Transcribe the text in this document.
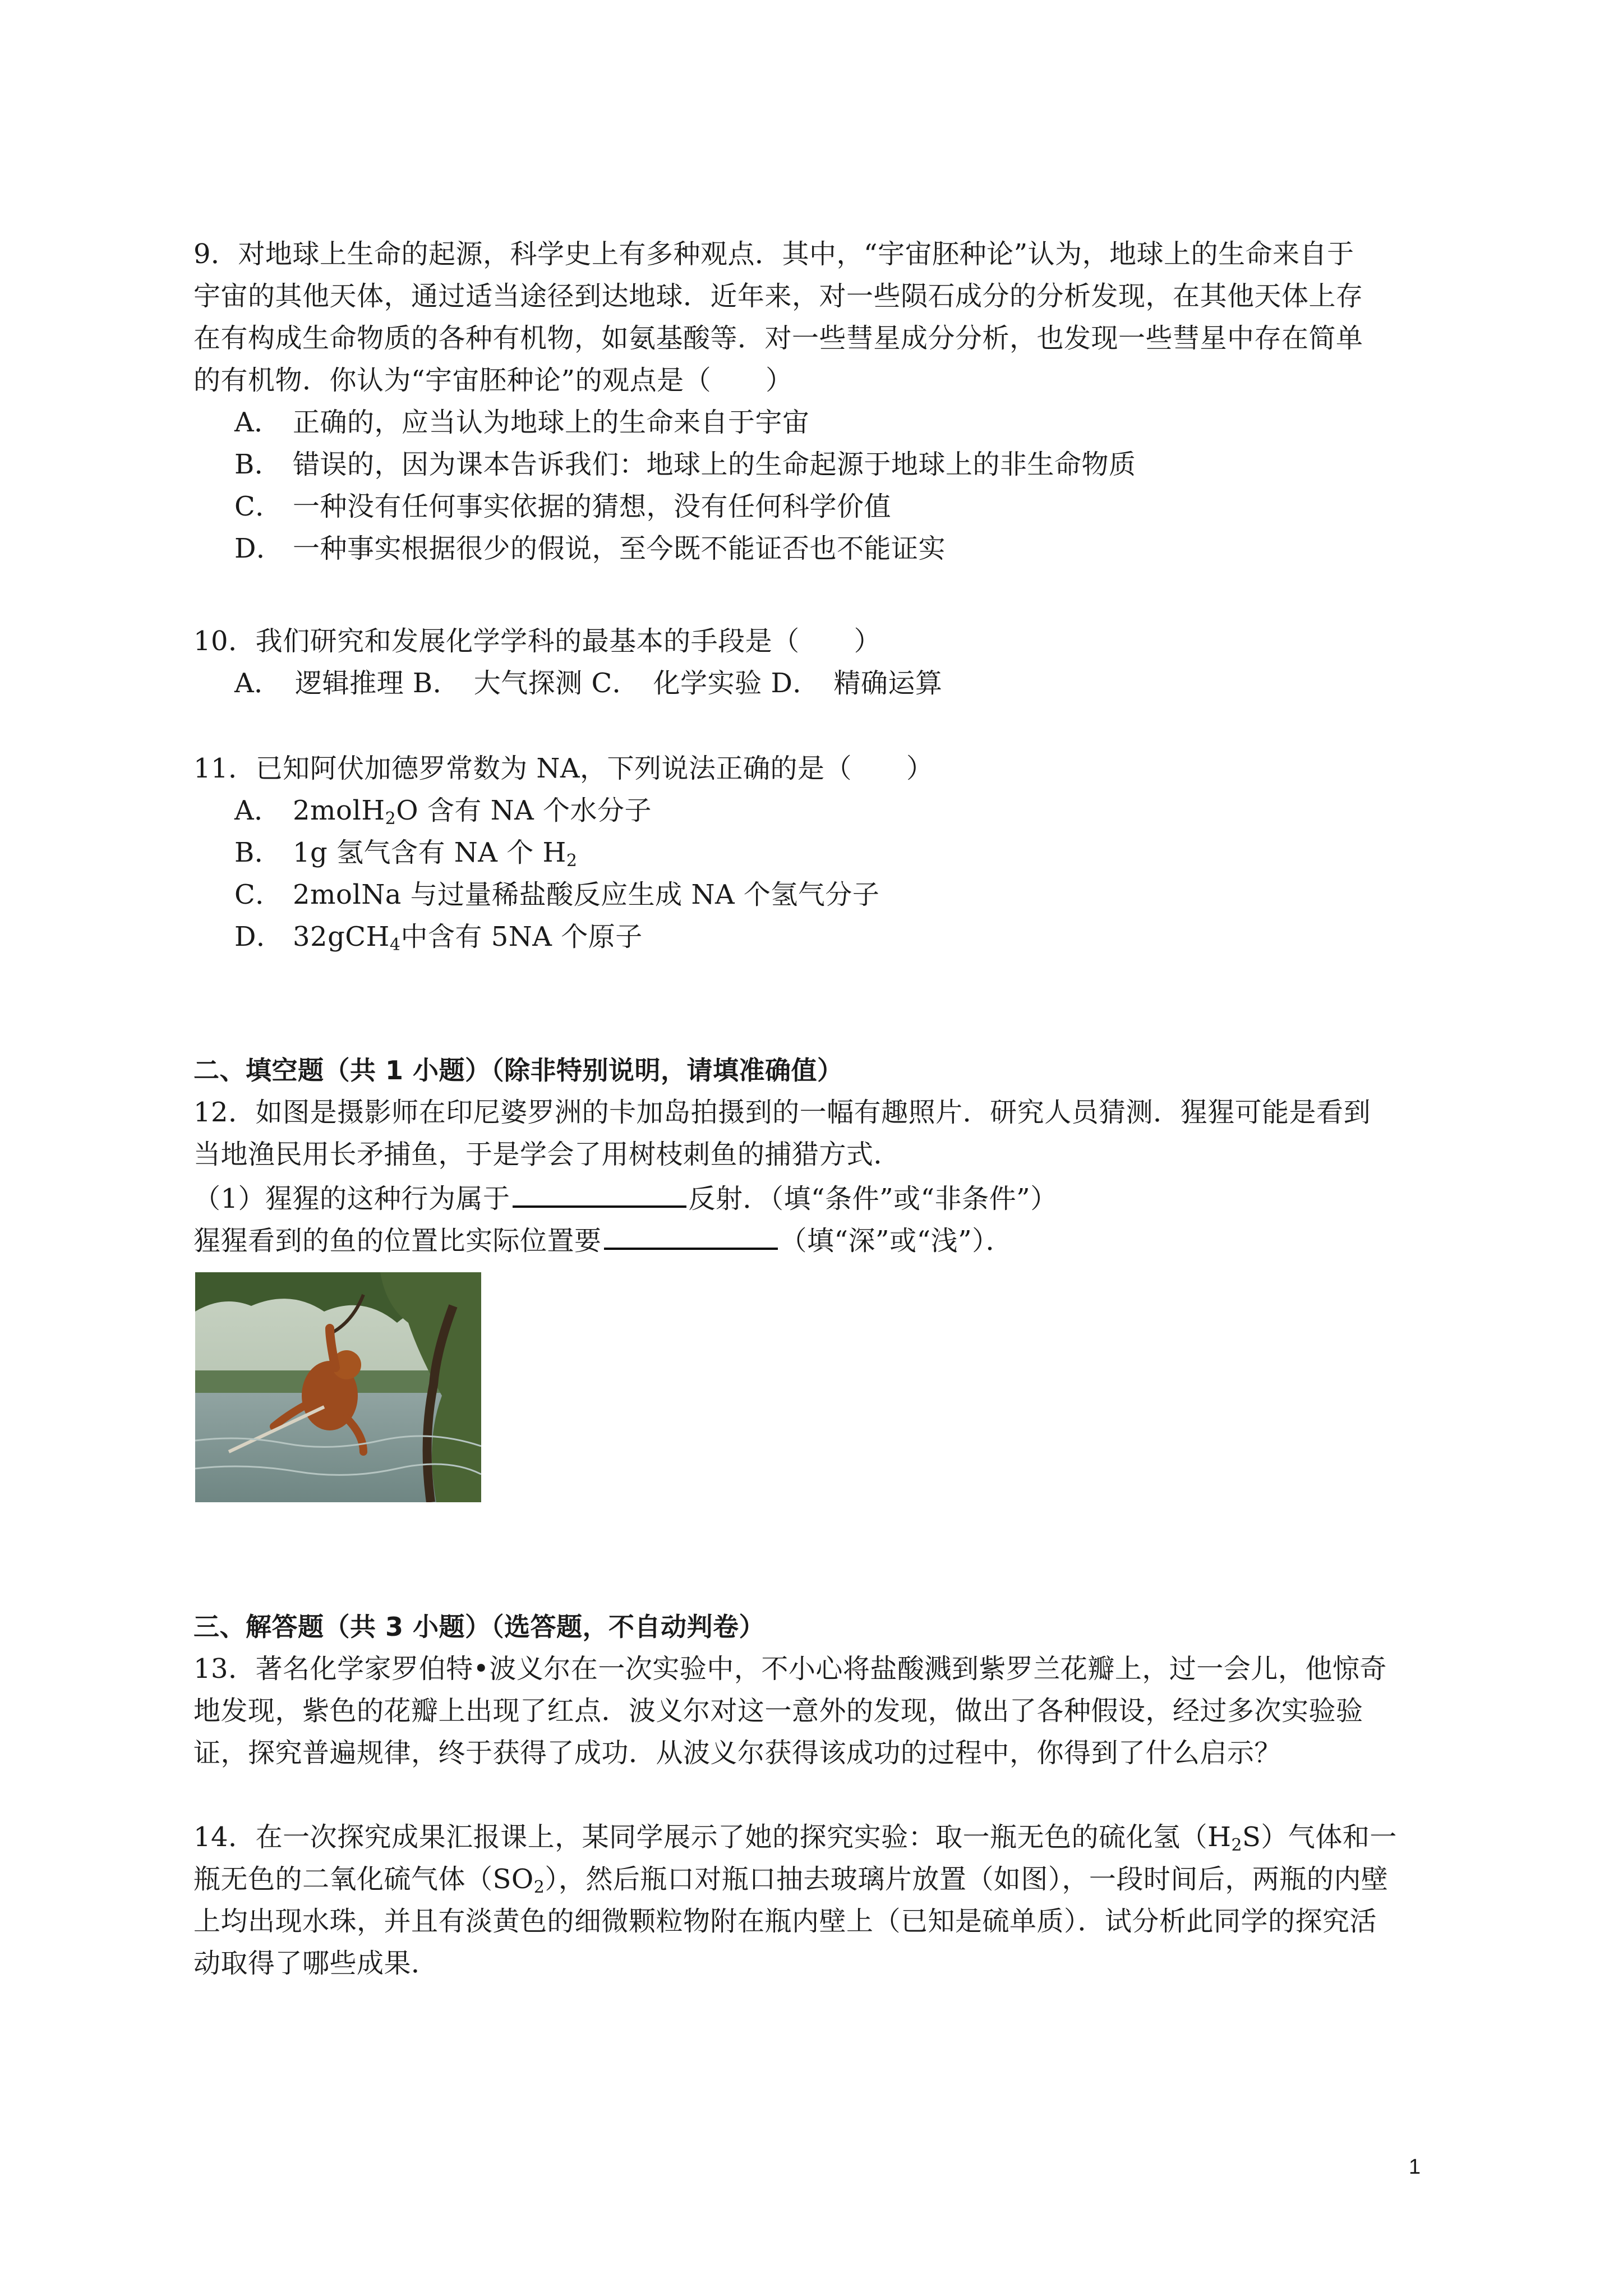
9．对地球上生命的起源，科学史上有多种观点．其中，“宇宙胚种论”认为，地球上的生命来自于
宇宙的其他天体，通过适当途径到达地球．近年来，对一些陨石成分的分析发现，在其他天体上存
在有构成生命物质的各种有机物，如氨基酸等．对一些彗星成分分析，也发现一些彗星中存在简单
的有机物．你认为“宇宙胚种论”的观点是（　　）
A． 正确的，应当认为地球上的生命来自于宇宙
B． 错误的，因为课本告诉我们：地球上的生命起源于地球上的非生命物质
C． 一种没有任何事实依据的猜想，没有任何科学价值
D． 一种事实根据很少的假说，至今既不能证否也不能证实
10．我们研究和发展化学学科的最基本的手段是（　　）
A．　逻辑推理 B．　大气探测 C．　化学实验 D．　精确运算
11．已知阿伏加德罗常数为 NA，下列说法正确的是（　　）
A． 2molH$_2$O 含有 NA 个水分子
B． 1g 氢气含有 NA 个 $H_2$
C． 2molNa 与过量稀盐酸反应生成 NA 个氢气分子
D． 32gCH$_4$中含有 5NA 个原子
二、填空题（共 1 小题）（除非特别说明，请填准确值）
12．如图是摄影师在印尼婆罗洲的卡加岛拍摄到的一幅有趣照片．研究人员猜测．猩猩可能是看到
当地渔民用长矛捕鱼，于是学会了用树枝刺鱼的捕猎方式．
（1）猩猩的这种行为属于	反射．（填“条件”或“非条件”）
猩猩看到的鱼的位置比实际位置要	（填“深”或“浅”）．
三、解答题（共 3 小题）（选答题，不自动判卷）
13．著名化学家罗伯特•波义尔在一次实验中，不小心将盐酸溅到紫罗兰花瓣上，过一会儿，他惊奇
地发现，紫色的花瓣上出现了红点．波义尔对这一意外的发现，做出了各种假设，经过多次实验验
证，探究普遍规律，终于获得了成功．从波义尔获得该成功的过程中，你得到了什么启示？
14．在一次探究成果汇报课上，某同学展示了她的探究实验：取一瓶无色的硫化氢$(H_2S)$气体和一
瓶无色的二氧化硫气体$(SO_2)$，然后瓶口对瓶口抽去玻璃片放置（如图），一段时间后，两瓶的内壁
上均出现水珠，并且有淡黄色的细微颗粒物附在瓶内壁上（已知是硫单质）．试分析此同学的探究活
动取得了哪些成果．
1
